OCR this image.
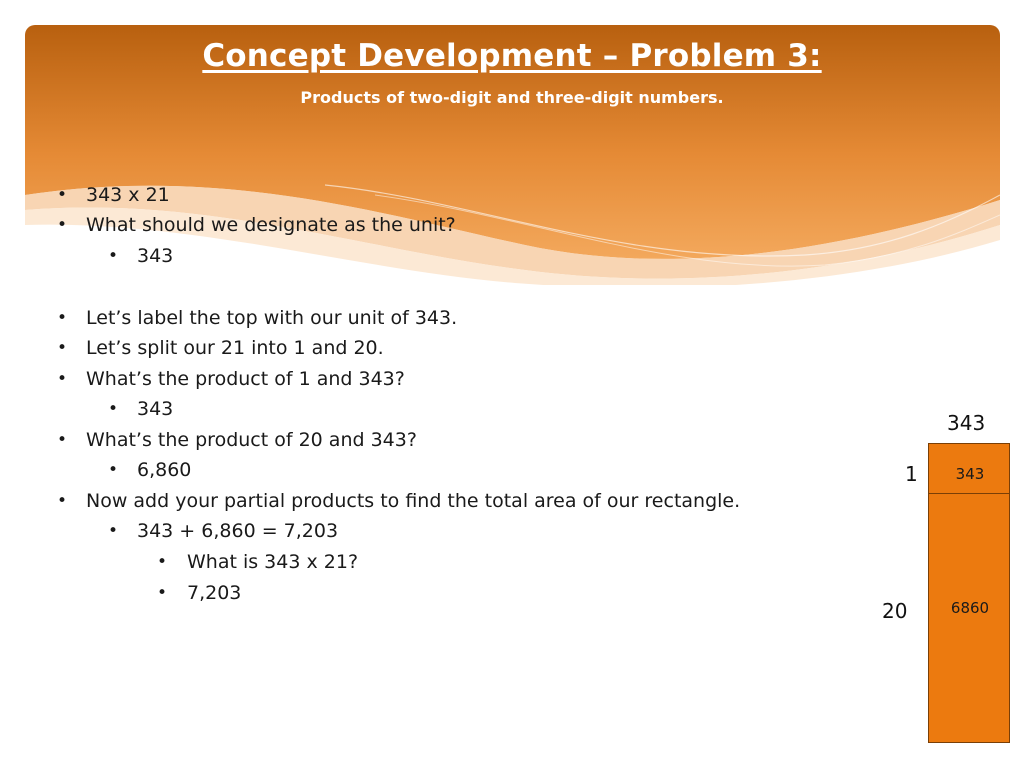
Concept Development – Problem 3:
Products of two-digit and three-digit numbers.
• 343 x 21
• What should we designate as the unit?
• 343
• Let’s label the top with our unit of 343.
• Let’s split our 21 into 1 and 20.
• What’s the product of 1 and 343?
• 343
• What’s the product of 20 and 343?
• 6,860
• Now add your partial products to find the total area of our rectangle.
• 343 + 6,860 = 7,203
• What is 343 x 21?
• 7,203
343
1
20
343
6860
